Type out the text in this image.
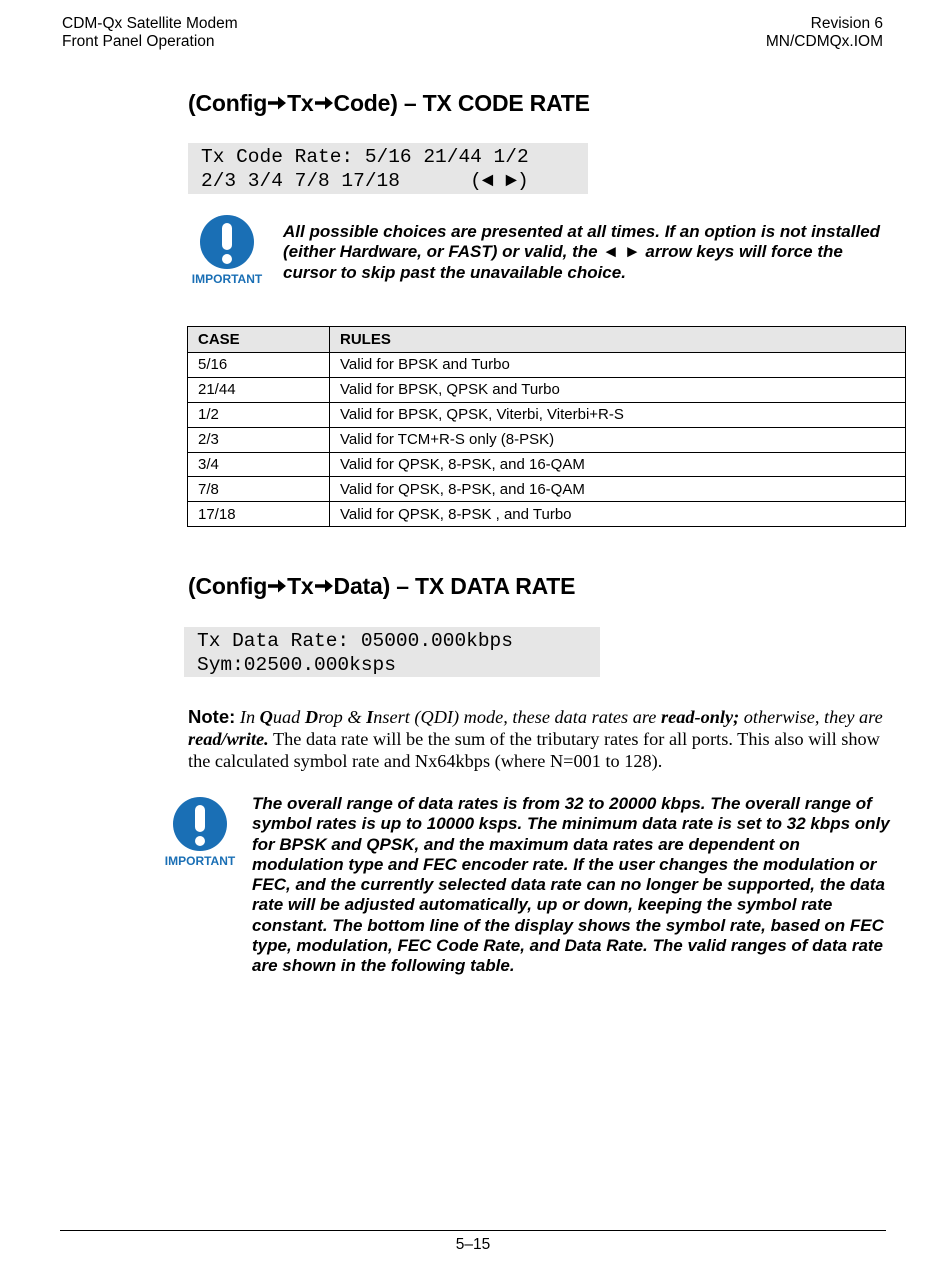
CDM-Qx Satellite Modem
Front Panel Operation
Revision 6
MN/CDMQx.IOM
(Config Tx Code) – TX CODE RATE
Tx Code Rate: 5/16 21/44 1/2
2/3 3/4 7/8 17/18      (◄ ►)
IMPORTANT
All possible choices are presented at all times. If an option is not installed (either Hardware, or FAST) or valid, the ◄ ► arrow keys will force the cursor to skip past the unavailable choice.
CASE	RULES
5/16	Valid for BPSK and Turbo
21/44	Valid for BPSK, QPSK and Turbo
1/2	Valid for BPSK, QPSK, Viterbi, Viterbi+R-S
2/3	Valid for TCM+R-S only (8-PSK)
3/4	Valid for QPSK, 8-PSK, and 16-QAM
7/8	Valid for QPSK, 8-PSK, and 16-QAM
17/18	Valid for QPSK, 8-PSK , and Turbo
(Config Tx Data) – TX DATA RATE
Tx Data Rate: 05000.000kbps
Sym:02500.000ksps

Note: In Quad Drop & Insert (QDI) mode, these data rates are read-only; otherwise, they are read/write. The data rate will be the sum of the tributary rates for all ports. This also will show the calculated symbol rate and Nx64kbps (where N=001 to 128).

IMPORTANT
The overall range of data rates is from 32 to 20000 kbps. The overall range of symbol rates is up to 10000 ksps. The minimum data rate is set to 32 kbps only for BPSK and QPSK, and the maximum data rates are dependent on modulation type and FEC encoder rate. If the user changes the modulation or FEC, and the currently selected data rate can no longer be supported, the data rate will be adjusted automatically, up or down, keeping the symbol rate constant. The bottom line of the display shows the symbol rate, based on FEC type, modulation, FEC Code Rate, and Data Rate. The valid ranges of data rate are shown in the following table.
5–15
